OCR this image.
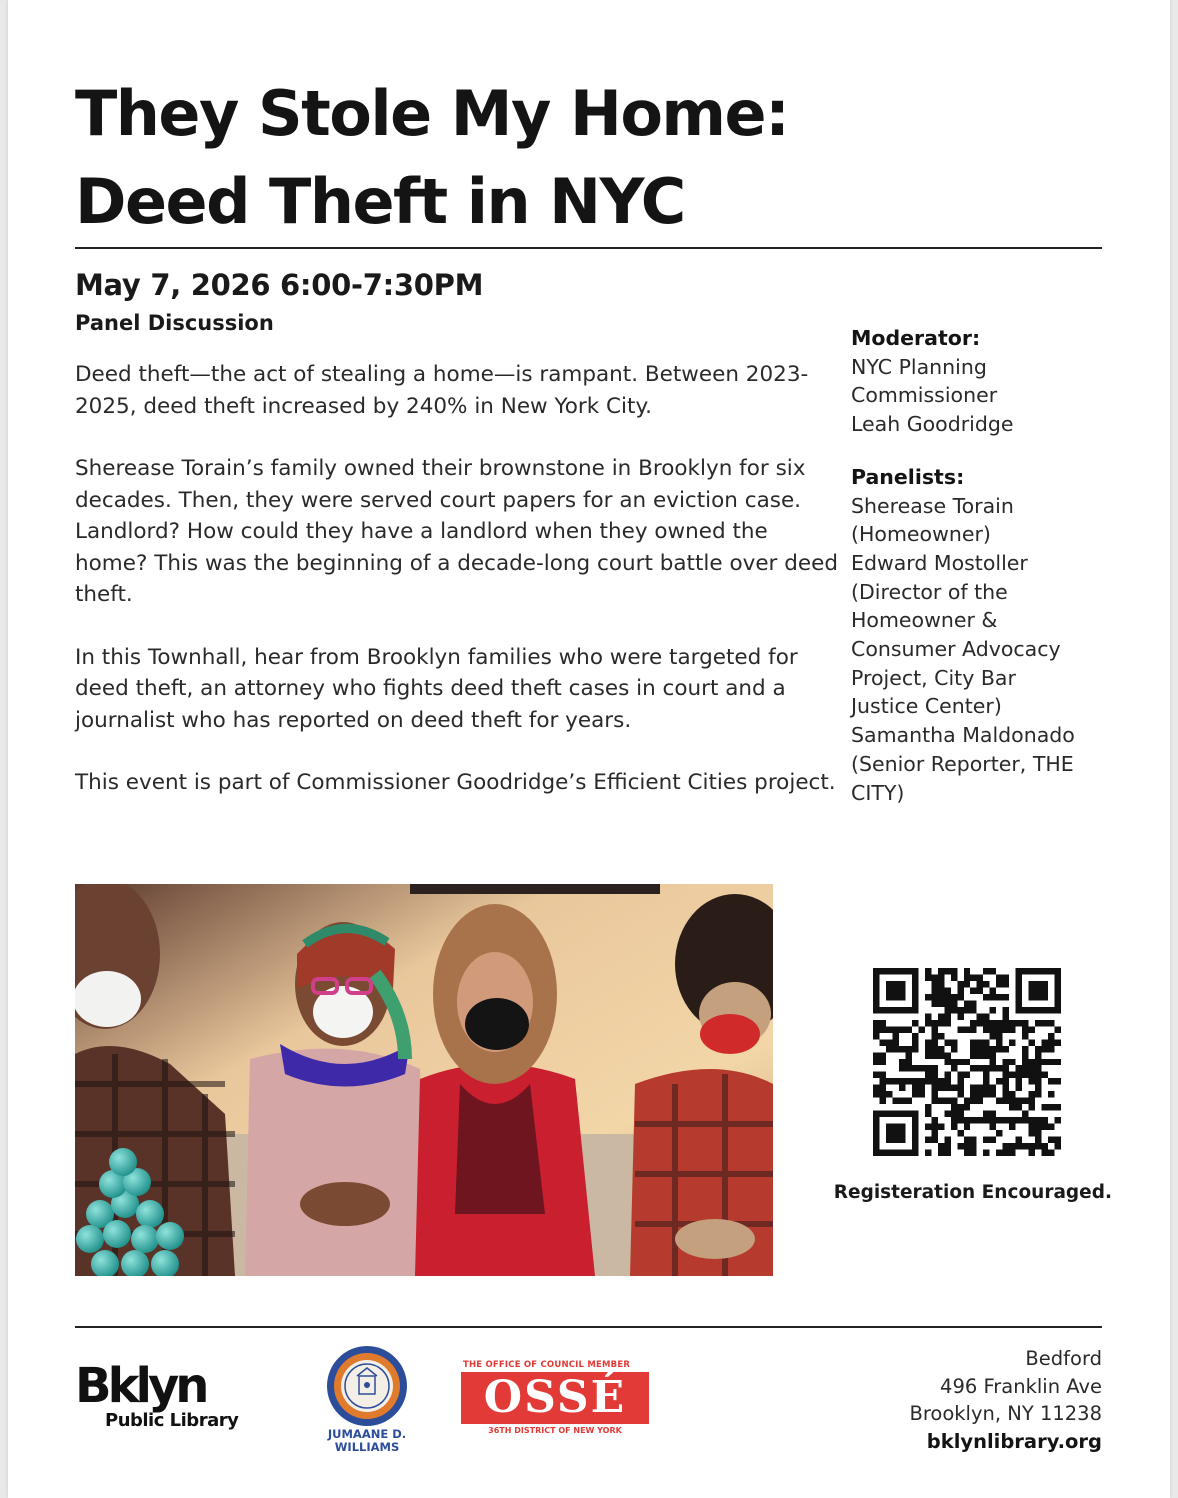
They Stole My Home:
Deed Theft in NYC
May 7, 2026 6:00-7:30PM
Panel Discussion

Deed theft—the act of stealing a home—is rampant. Between 2023-2025, deed theft increased by 240% in New York City.

Sherease Torain’s family owned their brownstone in Brooklyn for six decades. Then, they were served court papers for an eviction case. Landlord? How could they have a landlord when they owned the home? This was the beginning of a decade-long court battle over deed theft.

In this Townhall, hear from Brooklyn families who were targeted for deed theft, an attorney who fights deed theft cases in court and a journalist who has reported on deed theft for years.

This event is part of Commissioner Goodridge’s Efficient Cities project.

Moderator:
NYC Planning
Commissioner
Leah Goodridge
Panelists:
Sherease Torain
(Homeowner)
Edward Mostoller
(Director of the
Homeowner &
Consumer Advocacy
Project, City Bar
Justice Center)
Samantha Maldonado
(Senior Reporter, THE
CITY)
Registeration Encouraged.
Bklyn
Public Library
JUMAANE D.
WILLIAMS
THE OFFICE OF COUNCIL MEMBER
OSSÉ
36TH DISTRICT OF NEW YORK
Bedford
496 Franklin Ave
Brooklyn, NY 11238
bklynlibrary.org
